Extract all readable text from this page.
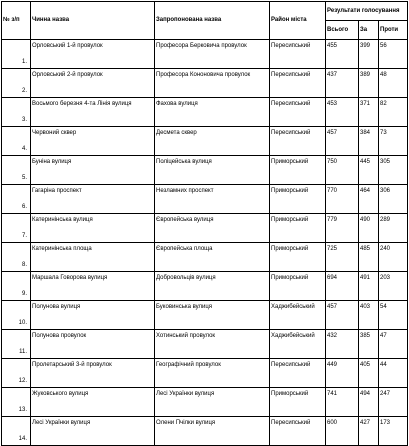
№ з/п	Чинна назва	Запропонована назва	Район міста	Результати голосування		
				Всього	За	Проти
1.	Орловський 1-й провулок	Професора Берковича провулок	Пересипський	455	399	56
2.	Орловський 2-й провулок	Професора Кононовича провулок	Пересипський	437	389	48
3.	Восьмого березня 4-та Лінія вулиця	Фахова вулиця	Пересипський	453	371	82
4.	Червоний сквер	Десмета сквер	Пересипський	457	384	73
5.	Буніна вулиця	Поліцейська вулиця	Приморський	750	445	305
6.	Гагаріна проспект	Незламних проспект	Приморський	770	464	306
7.	Катеринінська вулиця	Європейська вулиця	Приморський	779	490	289
8.	Катеринінська площа	Європейська площа	Приморський	725	485	240
9.	Маршала Говорова вулиця	Добровольців вулиця	Приморський	694	491	203
10.	Полунова вулиця	Буковинська вулиця	Хаджибейський	457	403	54
11.	Полунова провулок	Хотинський провулок	Хаджибейський	432	385	47
12.	Пролетарський 3-й провулок	Географічний провулок	Пересипський	449	405	44
13.	Жуковського вулиця	Лесі Українки вулиця	Приморський	741	494	247
14.	Лесі Українки вулиця	Олени Пчілки вулиця	Пересипський	600	427	173
